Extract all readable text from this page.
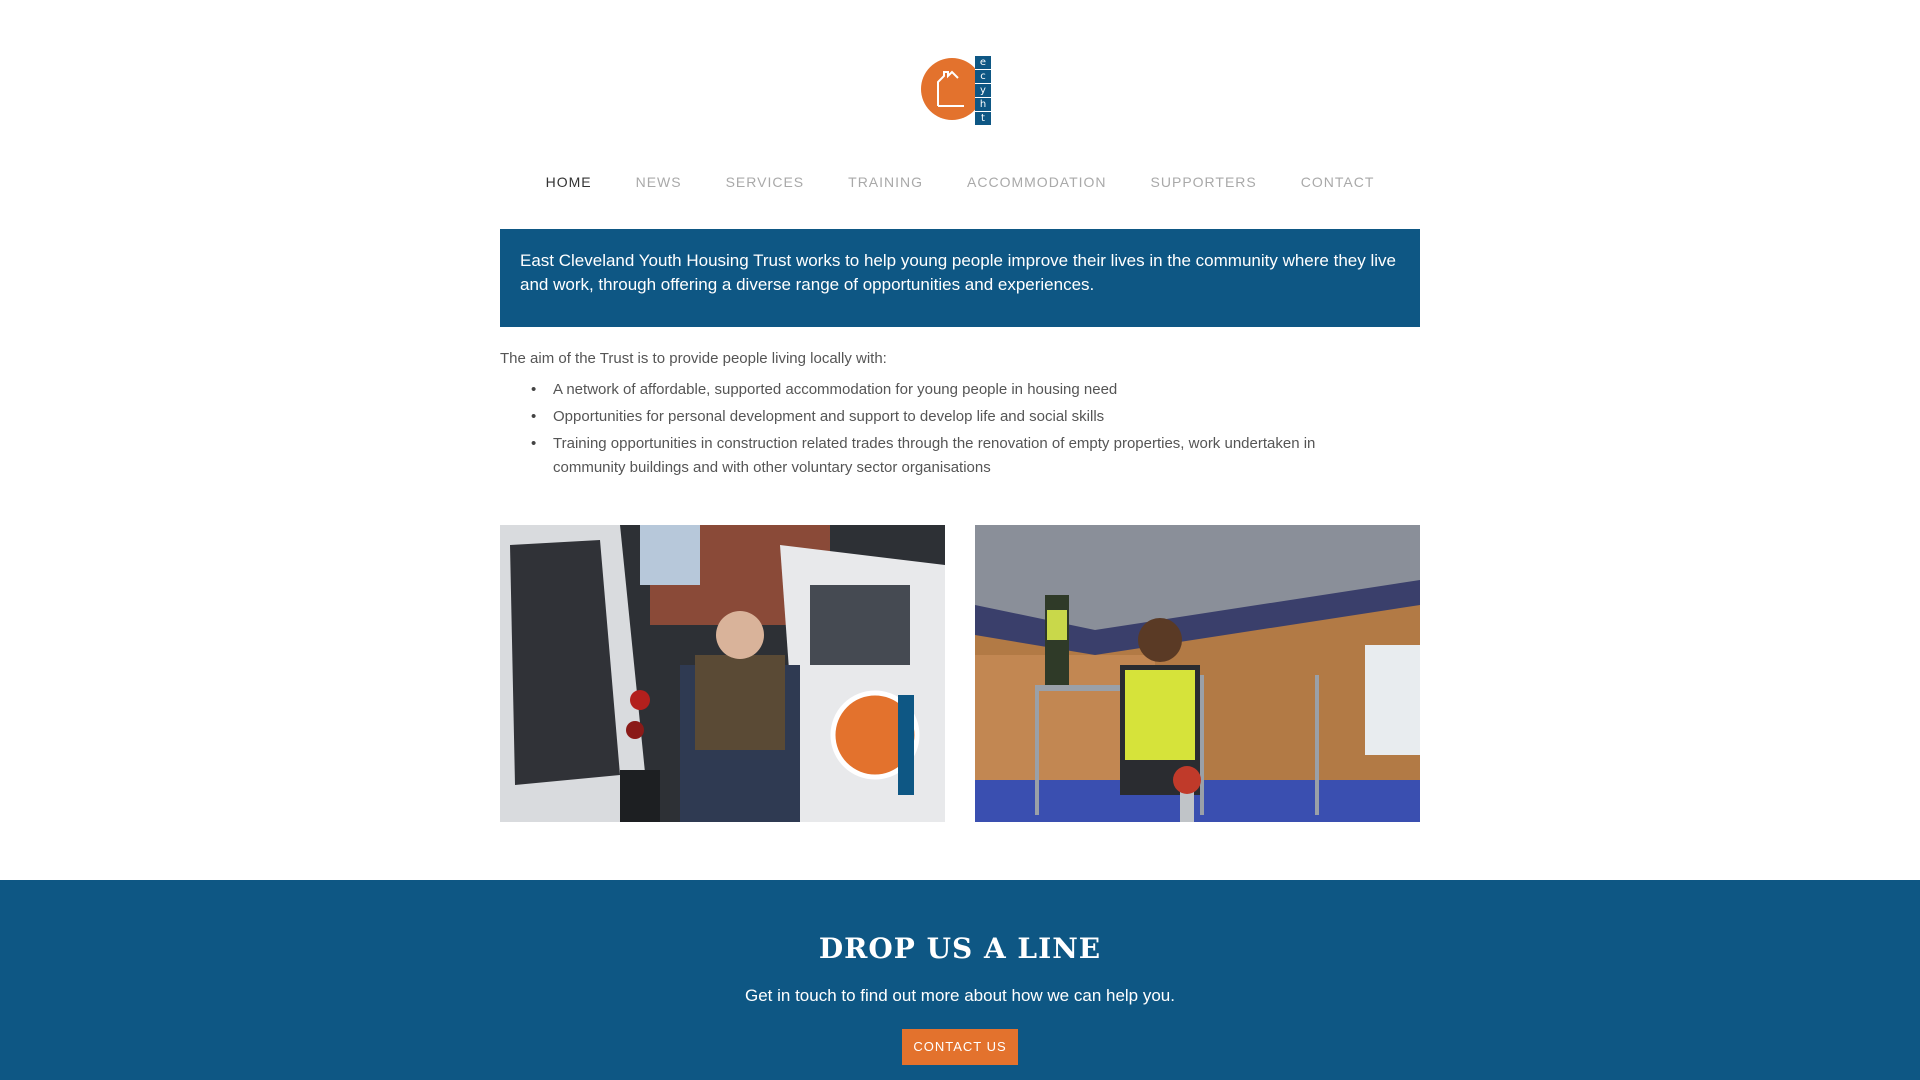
e
c
y
h
t
HOME	NEWS	SERVICES	TRAINING	ACCOMMODATION	SUPPORTERS	CONTACT

East Cleveland Youth Housing Trust works to help young people improve their lives in the community where they live and work, through offering a diverse range of opportunities and experiences.

The aim of the Trust is to provide people living locally with:

• A network of affordable, supported accommodation for young people in housing need
• Opportunities for personal development and support to develop life and social skills
• Training opportunities in construction related trades through the renovation of empty properties, work undertaken in community buildings and with other voluntary sector organisations
DROP US A LINE

Get in touch to find out more about how we can help you.

CONTACT US
